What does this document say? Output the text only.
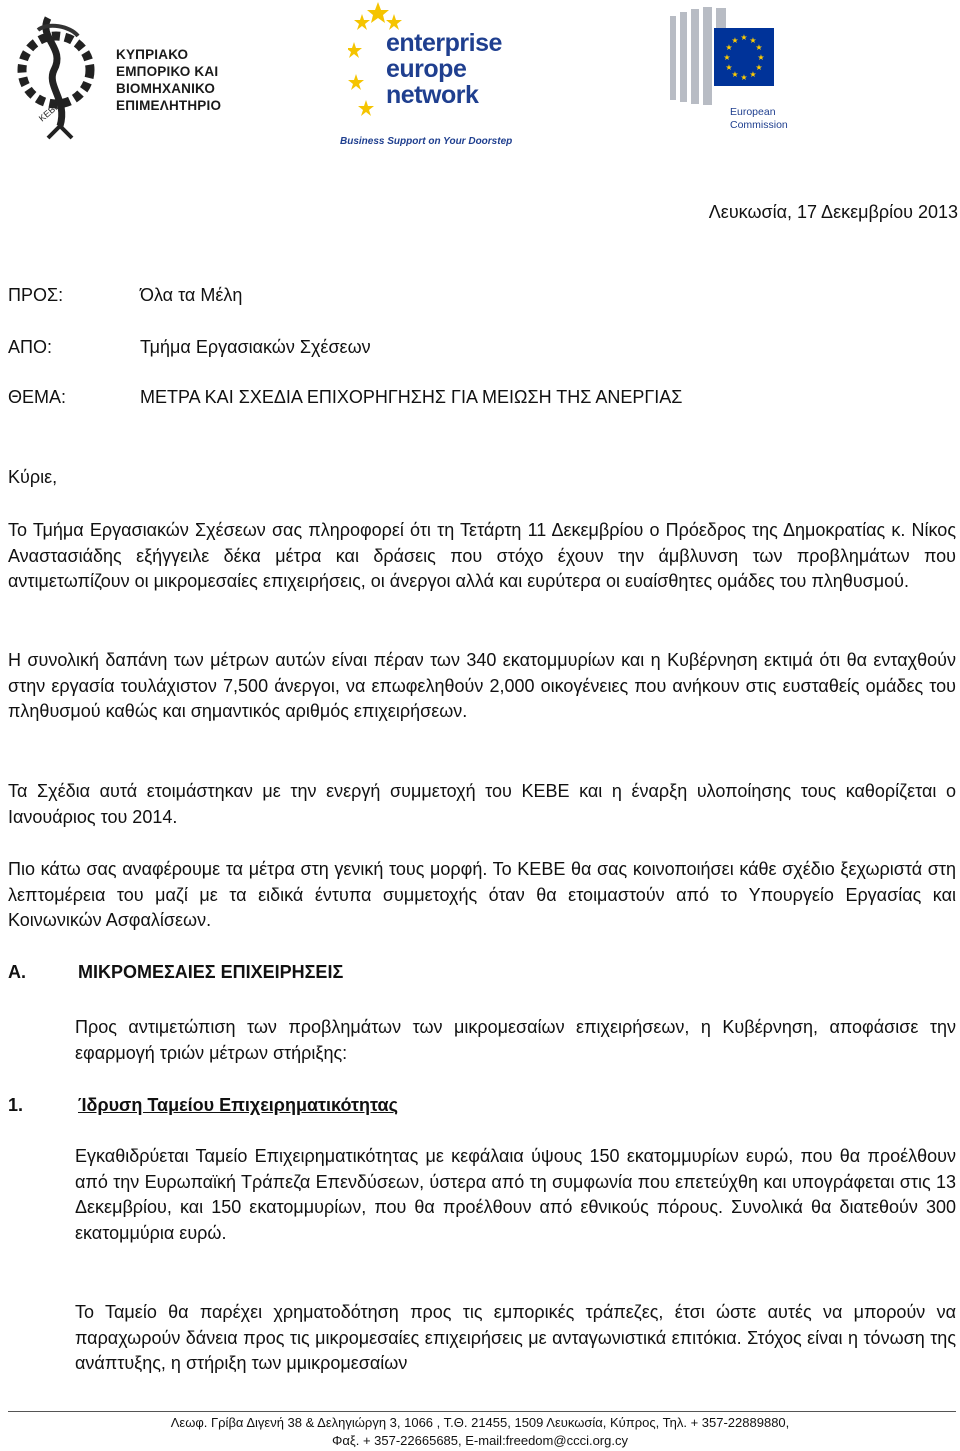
ΚΕΒΕ
ΚΥΠΡΙΑΚΟ
ΕΜΠΟΡΙΚΟ ΚΑΙ
ΒΙΟΜΗΧΑΝΙΚΟ
ΕΠΙΜΕΛΗΤΗΡΙΟ
enterprise
europe
network
Business Support on Your Doorstep
★ ★
★
★
★
★
★
★
★
★
★
★
European
Commission
Λευκωσία, 17 Δεκεμβρίου 2013
ΠΡΟΣ:	Όλα τα Μέλη
ΑΠΟ:	Τμήμα Εργασιακών Σχέσεων
ΘΕΜΑ:	ΜΕΤΡΑ ΚΑΙ ΣΧΕΔΙΑ ΕΠΙΧΟΡΗΓΗΣΗΣ ΓΙΑ ΜΕΙΩΣΗ ΤΗΣ ΑΝΕΡΓΙΑΣ
Κύριε,
Το Τμήμα Εργασιακών Σχέσεων σας πληροφορεί ότι τη Τετάρτη 11 Δεκεμβρίου ο Πρόεδρος της Δημοκρατίας κ. Νίκος Αναστασιάδης εξήγγειλε δέκα μέτρα και δράσεις που στόχο έχουν την άμβλυνση των προβλημάτων που αντιμετωπίζουν οι μικρομεσαίες επιχειρήσεις, οι άνεργοι αλλά και ευρύτερα οι ευαίσθητες ομάδες του πληθυσμού.
Η συνολική δαπάνη των μέτρων αυτών είναι πέραν των 340 εκατομμυρίων και η Κυβέρνηση εκτιμά ότι θα ενταχθούν στην εργασία τουλάχιστον 7,500 άνεργοι, να επωφεληθούν 2,000 οικογένειες που ανήκουν στις ευσταθείς ομάδες του πληθυσμού καθώς και σημαντικός αριθμός επιχειρήσεων.
Τα Σχέδια αυτά ετοιμάστηκαν με την ενεργή συμμετοχή του ΚΕΒΕ και η έναρξη υλοποίησης τους καθορίζεται ο Ιανουάριος του 2014.
Πιο κάτω σας αναφέρουμε τα μέτρα στη γενική τους μορφή. Το ΚΕΒΕ θα σας κοινοποιήσει κάθε σχέδιο ξεχωριστά στη λεπτομέρεια του μαζί με τα ειδικά έντυπα συμμετοχής όταν θα ετοιμαστούν από το Υπουργείο Εργασίας και Κοινωνικών Ασφαλίσεων.
Α.	ΜΙΚΡΟΜΕΣΑΙΕΣ ΕΠΙΧΕΙΡΗΣΕΙΣ
Προς αντιμετώπιση των προβλημάτων των μικρομεσαίων επιχειρήσεων, η Κυβέρνηση, αποφάσισε την εφαρμογή τριών μέτρων στήριξης:
1.	Ίδρυση Ταμείου Επιχειρηματικότητας
Εγκαθιδρύεται Ταμείο Επιχειρηματικότητας με κεφάλαια ύψους 150 εκατομμυρίων ευρώ, που θα προέλθουν από την Ευρωπαϊκή Τράπεζα Επενδύσεων, ύστερα από τη συμφωνία που επετεύχθη και υπογράφεται στις 13 Δεκεμβρίου, και 150 εκατομμυρίων, που θα προέλθουν από εθνικούς πόρους. Συνολικά θα διατεθούν 300 εκατομμύρια ευρώ.
Το Ταμείο θα παρέχει χρηματοδότηση προς τις εμπορικές τράπεζες, έτσι ώστε αυτές να μπορούν να παραχωρούν δάνεια προς τις μικρομεσαίες επιχειρήσεις με ανταγωνιστικά επιτόκια. Στόχος είναι η τόνωση της ανάπτυξης, η στήριξη των μμικρομεσαίων
Λεωφ. Γρίβα Διγενή 38 & Δεληγιώργη 3, 1066 , Τ.Θ. 21455, 1509 Λευκωσία, Κύπρος, Τηλ. + 357-22889880,
Φαξ. + 357-22665685, E-mail:freedom@ccci.org.cy
